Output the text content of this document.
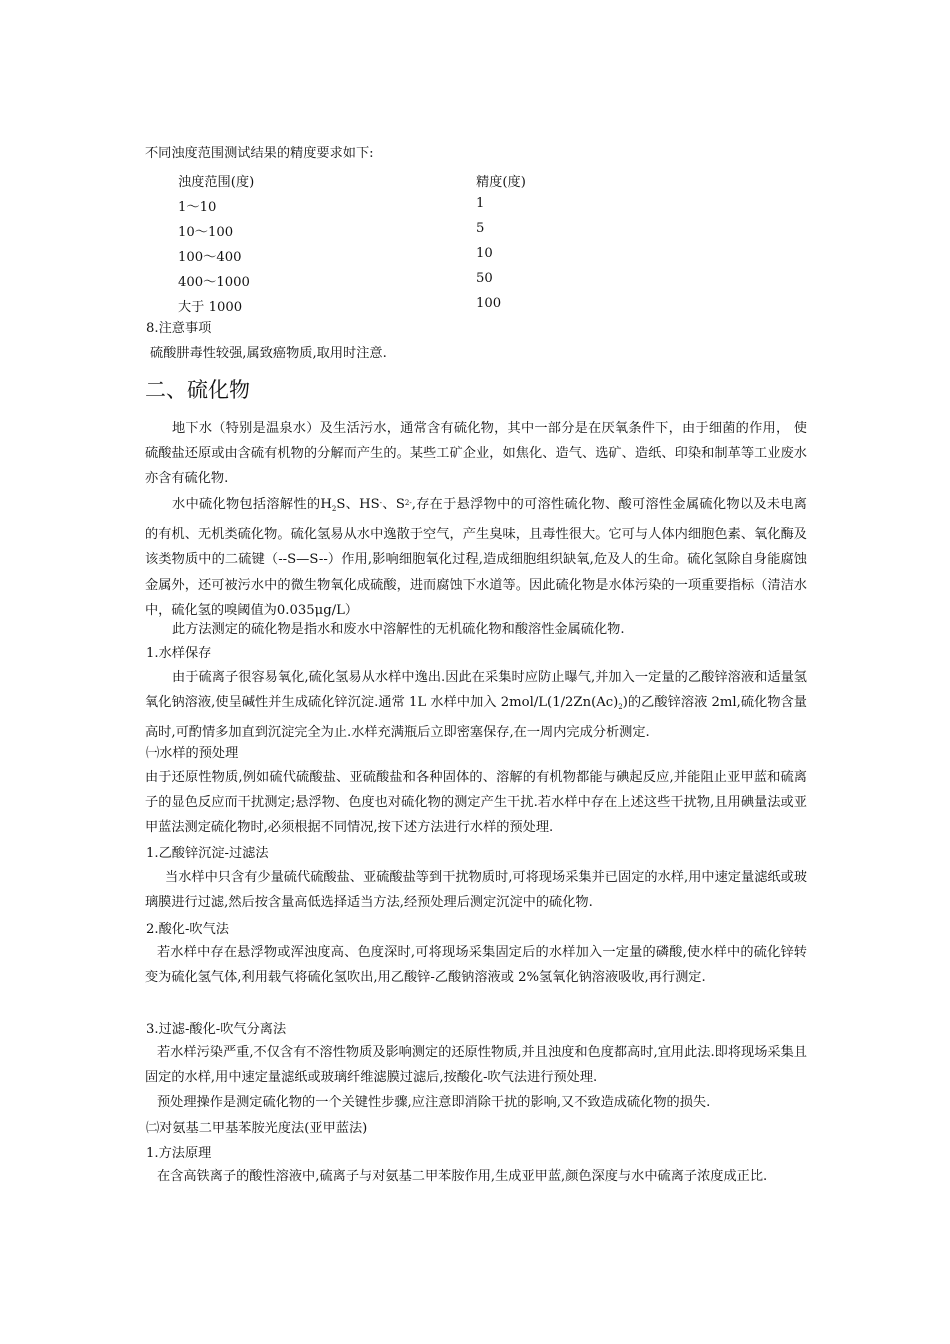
不同浊度范围测试结果的精度要求如下:
浊度范围(度)	精度(度)
1～10	1
10～100	5
100～400	10
400～1000	50
大于 1000	100
8.注意事项
硫酸肼毒性较强,属致癌物质,取用时注意.
二、硫化物
地下水（特别是温泉水）及生活污水，通常含有硫化物，其中一部分是在厌氧条件下，由于细菌的作用， 使硫酸盐还原或由含硫有机物的分解而产生的。某些工矿企业，如焦化、造气、选矿、造纸、印染和制革等工业废水亦含有硫化物.
水中硫化物包括溶解性的$H_2S$、HS-、$S^{2-}$,存在于悬浮物中的可溶性硫化物、酸可溶性金属硫化物以及未电离的有机、无机类硫化物。硫化氢易从水中逸散于空气，产生臭味，且毒性很大。它可与人体内细胞色素、氧化酶及该类物质中的二硫键（--S—S--）作用,影响细胞氧化过程,造成细胞组织缺氧,危及人的生命。硫化氢除自身能腐蚀金属外，还可被污水中的微生物氧化成硫酸，进而腐蚀下水道等。因此硫化物是水体污染的一项重要指标（清洁水中，硫化氢的嗅阈值为0.035μg/L）
此方法测定的硫化物是指水和废水中溶解性的无机硫化物和酸溶性金属硫化物.
1.水样保存
由于硫离子很容易氧化,硫化氢易从水样中逸出.因此在采集时应防止曝气,并加入一定量的乙酸锌溶液和适量氢氧化钠溶液,使呈碱性并生成硫化锌沉淀.通常 1L 水样中加入 $2mol/L(1/2Zn(Ac)_2)$的乙酸锌溶液 2ml,硫化物含量高时,可酌情多加直到沉淀完全为止.水样充满瓶后立即密塞保存,在一周内完成分析测定.
㈠水样的预处理
由于还原性物质,例如硫代硫酸盐、亚硫酸盐和各种固体的、溶解的有机物都能与碘起反应,并能阻止亚甲蓝和硫离子的显色反应而干扰测定;悬浮物、色度也对硫化物的测定产生干扰.若水样中存在上述这些干扰物,且用碘量法或亚甲蓝法测定硫化物时,必须根据不同情况,按下述方法进行水样的预处理.
1.乙酸锌沉淀-过滤法
当水样中只含有少量硫代硫酸盐、亚硫酸盐等到干扰物质时,可将现场采集并已固定的水样,用中速定量滤纸或玻璃膜进行过滤,然后按含量高低选择适当方法,经预处理后测定沉淀中的硫化物.
2.酸化-吹气法
若水样中存在悬浮物或浑浊度高、色度深时,可将现场采集固定后的水样加入一定量的磷酸,使水样中的硫化锌转变为硫化氢气体,利用载气将硫化氢吹出,用乙酸锌-乙酸钠溶液或 2%氢氧化钠溶液吸收,再行测定.
3.过滤-酸化-吹气分离法
若水样污染严重,不仅含有不溶性物质及影响测定的还原性物质,并且浊度和色度都高时,宜用此法.即将现场采集且固定的水样,用中速定量滤纸或玻璃纤维滤膜过滤后,按酸化-吹气法进行预处理.
预处理操作是测定硫化物的一个关键性步骤,应注意即消除干扰的影响,又不致造成硫化物的损失.
㈡对氨基二甲基苯胺光度法(亚甲蓝法)
1.方法原理
在含高铁离子的酸性溶液中,硫离子与对氨基二甲苯胺作用,生成亚甲蓝,颜色深度与水中硫离子浓度成正比.
